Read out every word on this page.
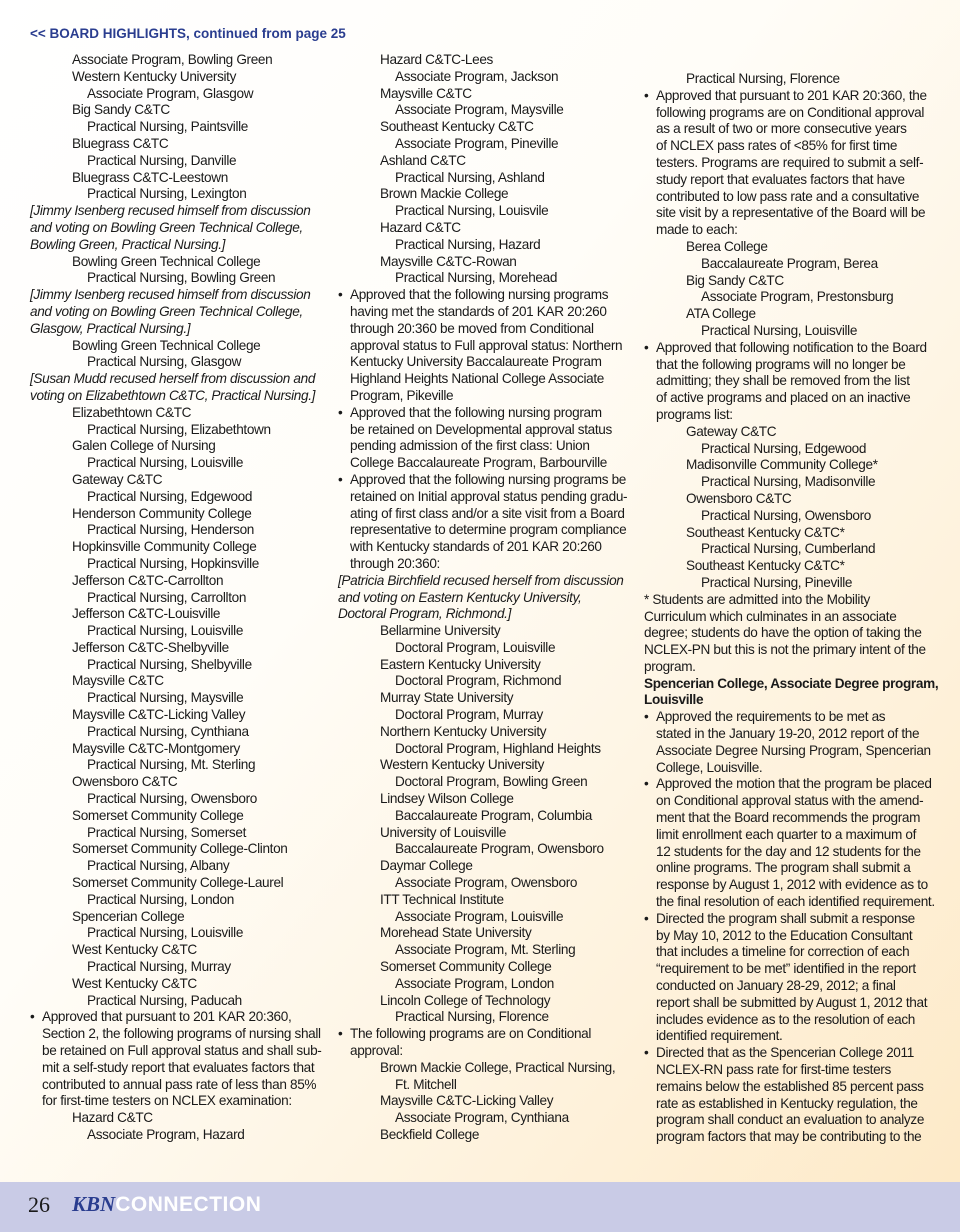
<< BOARD HIGHLIGHTS, continued from page 25
Associate Program, Bowling Green
Western Kentucky University
Associate Program, Glasgow
Big Sandy C&TC
Practical Nursing, Paintsville
Bluegrass C&TC
Practical Nursing, Danville
Bluegrass C&TC-Leestown
Practical Nursing, Lexington
[Jimmy Isenberg recused himself from discussion
and voting on Bowling Green Technical College,
Bowling Green, Practical Nursing.]
Bowling Green Technical College
Practical Nursing, Bowling Green
[Jimmy Isenberg recused himself from discussion
and voting on Bowling Green Technical College,
Glasgow, Practical Nursing.]
Bowling Green Technical College
Practical Nursing, Glasgow
[Susan Mudd recused herself from discussion and
voting on Elizabethtown C&TC, Practical Nursing.]
Elizabethtown C&TC
Practical Nursing, Elizabethtown
Galen College of Nursing
Practical Nursing, Louisville
Gateway C&TC
Practical Nursing, Edgewood
Henderson Community College
Practical Nursing, Henderson
Hopkinsville Community College
Practical Nursing, Hopkinsville
Jefferson C&TC-Carrollton
Practical Nursing, Carrollton
Jefferson C&TC-Louisville
Practical Nursing, Louisville
Jefferson C&TC-Shelbyville
Practical Nursing, Shelbyville
Maysville C&TC
Practical Nursing, Maysville
Maysville C&TC-Licking Valley
Practical Nursing, Cynthiana
Maysville C&TC-Montgomery
Practical Nursing, Mt. Sterling
Owensboro C&TC
Practical Nursing, Owensboro
Somerset Community College
Practical Nursing, Somerset
Somerset Community College-Clinton
Practical Nursing, Albany
Somerset Community College-Laurel
Practical Nursing, London
Spencerian College
Practical Nursing, Louisville
West Kentucky C&TC
Practical Nursing, Murray
West Kentucky C&TC
Practical Nursing, Paducah
• Approved that pursuant to 201 KAR 20:360,
Section 2, the following programs of nursing shall
be retained on Full approval status and shall sub-
mit a self-study report that evaluates factors that
contributed to annual pass rate of less than 85%
for first-time testers on NCLEX examination:
Hazard C&TC
Associate Program, Hazard
Hazard C&TC-Lees
Associate Program, Jackson
Maysville C&TC
Associate Program, Maysville
Southeast Kentucky C&TC
Associate Program, Pineville
Ashland C&TC
Practical Nursing, Ashland
Brown Mackie College
Practical Nursing, Louisvile
Hazard C&TC
Practical Nursing, Hazard
Maysville C&TC-Rowan
Practical Nursing, Morehead
• Approved that the following nursing programs
having met the standards of 201 KAR 20:260
through 20:360 be moved from Conditional
approval status to Full approval status: Northern
Kentucky University Baccalaureate Program
Highland Heights National College Associate
Program, Pikeville
• Approved that the following nursing program
be retained on Developmental approval status
pending admission of the first class: Union
College Baccalaureate Program, Barbourville
• Approved that the following nursing programs be
retained on Initial approval status pending gradu-
ating of first class and/or a site visit from a Board
representative to determine program compliance
with Kentucky standards of 201 KAR 20:260
through 20:360:
[Patricia Birchfield recused herself from discussion
and voting on Eastern Kentucky University,
Doctoral Program, Richmond.]
Bellarmine University
Doctoral Program, Louisville
Eastern Kentucky University
Doctoral Program, Richmond
Murray State University
Doctoral Program, Murray
Northern Kentucky University
Doctoral Program, Highland Heights
Western Kentucky University
Doctoral Program, Bowling Green
Lindsey Wilson College
Baccalaureate Program, Columbia
University of Louisville
Baccalaureate Program, Owensboro
Daymar College
Associate Program, Owensboro
ITT Technical Institute
Associate Program, Louisville
Morehead State University
Associate Program, Mt. Sterling
Somerset Community College
Associate Program, London
Lincoln College of Technology
Practical Nursing, Florence
• The following programs are on Conditional
approval:
Brown Mackie College, Practical Nursing,
Ft. Mitchell
Maysville C&TC-Licking Valley
Associate Program, Cynthiana
Beckfield College
Practical Nursing, Florence
• Approved that pursuant to 201 KAR 20:360, the
following programs are on Conditional approval
as a result of two or more consecutive years
of NCLEX pass rates of <85% for first time
testers. Programs are required to submit a self-
study report that evaluates factors that have
contributed to low pass rate and a consultative
site visit by a representative of the Board will be
made to each:
Berea College
Baccalaureate Program, Berea
Big Sandy C&TC
Associate Program, Prestonsburg
ATA College
Practical Nursing, Louisville
• Approved that following notification to the Board
that the following programs will no longer be
admitting; they shall be removed from the list
of active programs and placed on an inactive
programs list:
Gateway C&TC
Practical Nursing, Edgewood
Madisonville Community College*
Practical Nursing, Madisonville
Owensboro C&TC
Practical Nursing, Owensboro
Southeast Kentucky C&TC*
Practical Nursing, Cumberland
Southeast Kentucky C&TC*
Practical Nursing, Pineville
* Students are admitted into the Mobility
Curriculum which culminates in an associate
degree; students do have the option of taking the
NCLEX-PN but this is not the primary intent of the
program.
Spencerian College, Associate Degree program,
Louisville
• Approved the requirements to be met as
stated in the January 19-20, 2012 report of the
Associate Degree Nursing Program, Spencerian
College, Louisville.
• Approved the motion that the program be placed
on Conditional approval status with the amend-
ment that the Board recommends the program
limit enrollment each quarter to a maximum of
12 students for the day and 12 students for the
online programs. The program shall submit a
response by August 1, 2012 with evidence as to
the final resolution of each identified requirement.
• Directed the program shall submit a response
by May 10, 2012 to the Education Consultant
that includes a timeline for correction of each
“requirement to be met” identified in the report
conducted on January 28-29, 2012; a final
report shall be submitted by August 1, 2012 that
includes evidence as to the resolution of each
identified requirement.
• Directed that as the Spencerian College 2011
NCLEX-RN pass rate for first-time testers
remains below the established 85 percent pass
rate as established in Kentucky regulation, the
program shall conduct an evaluation to analyze
program factors that may be contributing to the
26 KBNCONNECTION
